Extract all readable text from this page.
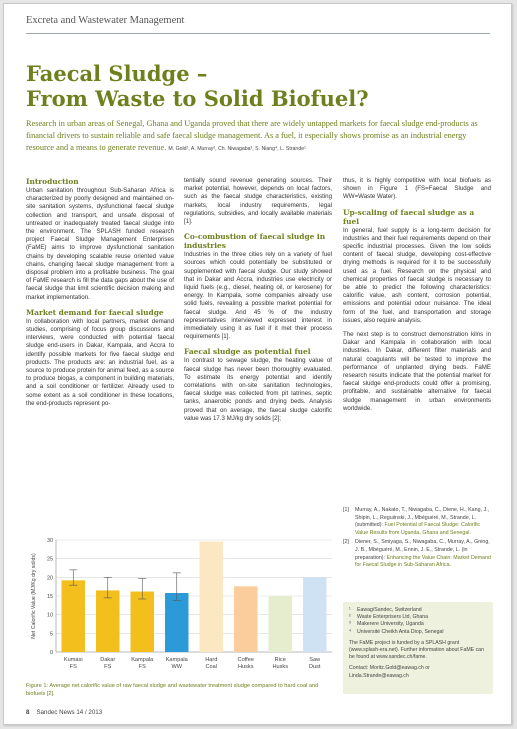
Excreta and Wastewater Management
Faecal Sludge –
From Waste to Solid Biofuel?
Research in urban areas of Senegal, Ghana and Uganda proved that there are widely untapped markets for faecal sludge end-products as financial drivers to sustain reliable and safe faecal sludge management. As a fuel, it especially shows promise as an industrial energy resource and a means to generate revenue. M. Gold¹, A. Murray², Ch. Niwagaba³, S. Niang⁴, L. Strande¹
Introduction
Urban sanitation throughout Sub-Saharan Africa is characterized by poorly designed and maintained on-site sanitation systems, dysfunctional faecal sludge collection and transport, and unsafe disposal of untreated or inadequately treated faecal sludge into the environment. The SPLASH funded research project Faecal Sludge Management Enterprises (FaME) aims to improve dysfunctional sanitation chains by developing scalable reuse oriented value chains, changing faecal sludge management from a disposal problem into a profitable business. The goal of FaME research is fill the data gaps about the use of faecal sludge that limit scientific decision making and market implementation.
Market demand for faecal sludge
In collaboration with local partners, market demand studies, comprising of focus group discussions and interviews, were conducted with potential faecal sludge end-users in Dakar, Kampala, and Accra to identify possible markets for five faecal sludge end products. The products are: an industrial fuel, as a source to produce protein for animal feed, as a source to produce biogas, a component in building materials, and a soil conditioner or fertilizer. Already used to some extent as a soil conditioner in these locations, the end-products represent po-
tentially sound revenue generating sources. Their market potential, however, depends on local factors, such as the faecal sludge characteristics, existing markets, local industry requirements, legal regulations, subsidies, and locally available materials [1].
Co-combustion of faecal sludge in industries
Industries in the three cities rely on a variety of fuel sources which could potentially be substituted or supplemented with faecal sludge. Our study showed that in Dakar and Accra, industries use electricity or liquid fuels (e.g., diesel, heating oil, or kerosene) for energy. In Kampala, some companies already use solid fuels, revealing a possible market potential for faecal sludge. And 45 % of the industry representatives interviewed expressed interest in immediately using it as fuel if it met their process requirements [1].
Faecal sludge as potential fuel
In contrast to sewage sludge, the heating value of faecal sludge has never been thoroughly evaluated. To estimate its energy potential and identify correlations with on-site sanitation technologies, faecal sludge was collected from pit latrines, septic tanks, anaerobic ponds and drying beds. Analysis proved that on average, the faecal sludge calorific value was 17.3 MJ/kg dry solids [2];
thus, it is highly competitive with local biofuels as shown in Figure 1 (FS=Faecal Sludge and WW=Waste Water).
Up-scaling of faecal sludge as a fuel
In general, fuel supply is a long-term decision for industries and their fuel requirements depend on their specific industrial processes. Given the low solids content of faecal sludge, developing cost-effective drying methods is required for it to be successfully used as a fuel. Research on the physical and chemical properties of faecal sludge is necessary to be able to predict the following characteristics: calorific value, ash content, corrosion potential, emissions and potential odour nuisance. The ideal form of the fuel, and transportation and storage issues, also require analysis.
The next step is to construct demonstration kilns in Dakar and Kampala in collaboration with local industries. In Dakar, different filter materials and natural coagulants will be tested to improve the performance of unplanted drying beds. FaME research results indicate that the potential market for faecal sludge end-products could offer a promising, profitable, and sustainable alternative for faecal sludge management in urban environments worldwide.
[1]	Murray, A., Nakato, T., Niwagaba, C., Diene, H., Kang, J., Shipin, L., Reguiinski, J., Mbéguéré, M., Strande, L. (submitted): Fuel Potential of Faecal Sludge: Calorific Value Results from Uganda, Ghana and Senegal.
[2]	Diener, S., Smiyaga, S., Niwagaba, C., Murray, A., Gning, J. B., Mbéguéré, M., Ennin, J. E., Strande, L. (in preparation): Enhancing the Value Chain: Market Demand for Faecal Sludge in Sub-Saharan Africa.
¹	Eawag/Sandec, Switzerland
²	Waste Enterprisers Ltd, Ghana
³	Makerere University, Uganda
⁴	Université Cheikh Anta Diop, Senegal
The FaME project is funded by a SPLASH grant (www.splash-era.net). Further information about FaME can be found at www.sandec.ch/fame.
Contact: Moritz.Gold@eawag.ch or Linda.Strande@eawag.ch
0
5
10
15
20
25
30
Net Calorific Value (MJ/Kg dry solids)
Kumasi
FS
Dakar
FS
Kampala
FS
Kampala
WW
Hard
Coal
Coffee
Husks
Rice
Husks
Saw
Dust
Figure 1: Average net calorific value of raw faecal sludge and wastewater treatment sludge compared to hard coal and biofuels [2].
8 Sandec News 14 / 2013
